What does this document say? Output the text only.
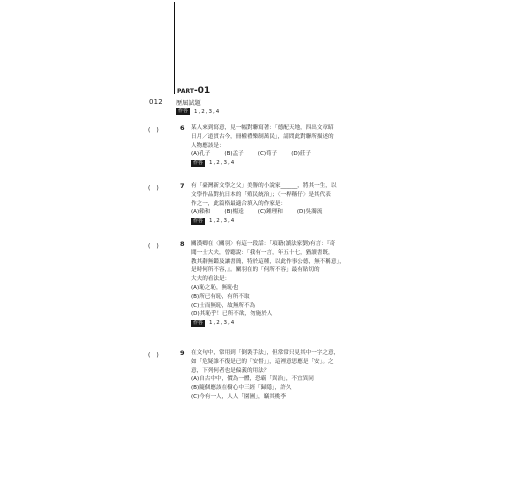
PART-01
012 歷屆試題
作答	1,2,3,4
(　)	6 某人來到寫意，見一幅對聯寫著：「德配天地，四出文章昭
日月／道貫古今，冊權禮樂制萬民」，請問此對聯所描述的
人物應該是：
(A)孔子	(B)孟子	(C)荀子	(D)莊子
作答	1,2,3,4
(　)	7 有「臺灣新文學之父」美譽的小說家______，將其一生，以
文學作品對抗日本的「殖民統治」；〈一桿稱仔〉是其代表
作之一，此篇格最適合填入的作家是：
(A)賴和	(B)楊逵	(C)鍾理和	(D)吳濁流
作答	1,2,3,4
(　)	8 關漢卿在〈關羽〉有這一段話：「項籍(讀法家劉)有言：『奇
聞一士大夫，曾聽說：「我有一言，年五十七，猶讀書既，
教其辭無鑑及讓書簡，特於這種，以此作事公德，無不稱意」，
是時何所不容，』。關羽在的「何所不容」最有貼切的
大夫的看法是：
(A)恥之恥，無恥也
(B)所已有恥，有所不取
(C)士而無恥，故無所不為
(D)其恥乎！已所不欲，勿施於人
作答	1,2,3,4
(　)	9 在文句中，常用到「倒裝手法」，但常常只見其中一字之意，
如「危疑誰不復是已的「安督」」，這裡意思應是「安」。之
意，下列何者也是偏義的用法？
(A)自古中中，價為一體，恐霸「異治」，不宜異同
(B)隨個應該在樹心中三經「歸隱」，許久
(C)今有一人，人人「園圃」，竊其桃李
